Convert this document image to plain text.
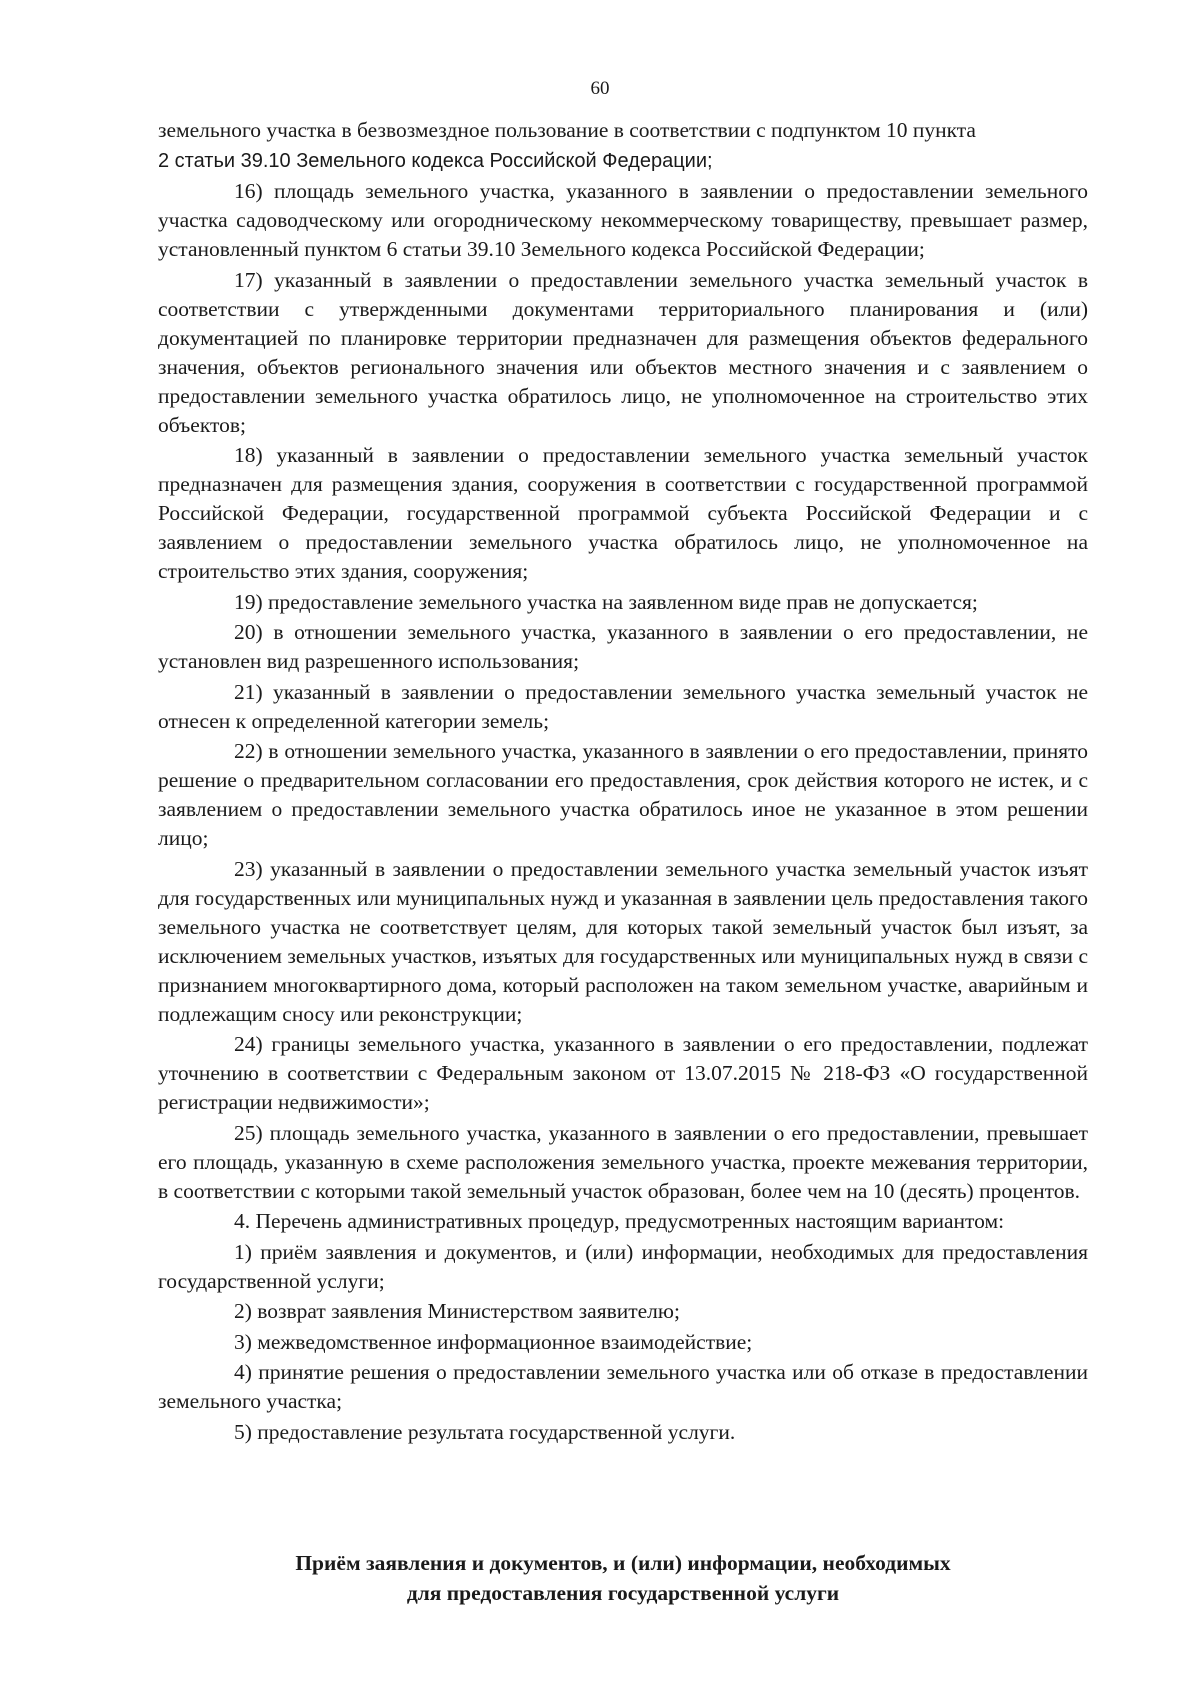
60

земельного участка в безвозмездное пользование в соответствии с подпунктом 10 пункта

2 статьи 39.10 Земельного кодекса Российской Федерации;

16) площадь земельного участка, указанного в заявлении о предоставлении земельного участка садоводческому или огородническому некоммерческому товариществу, превышает размер, установленный пунктом 6 статьи 39.10 Земельного кодекса Российской Федерации;

17) указанный в заявлении о предоставлении земельного участка земельный участок в соответствии с утвержденными документами территориального планирования и (или) документацией по планировке территории предназначен для размещения объектов федерального значения, объектов регионального значения или объектов местного значения и с заявлением о предоставлении земельного участка обратилось лицо, не уполномоченное на строительство этих объектов;

18) указанный в заявлении о предоставлении земельного участка земельный участок предназначен для размещения здания, сооружения в соответствии с государственной программой Российской Федерации, государственной программой субъекта Российской Федерации и с заявлением о предоставлении земельного участка обратилось лицо, не уполномоченное на строительство этих здания, сооружения;

19) предоставление земельного участка на заявленном виде прав не допускается;

20) в отношении земельного участка, указанного в заявлении о его предоставлении, не установлен вид разрешенного использования;

21) указанный в заявлении о предоставлении земельного участка земельный участок не отнесен к определенной категории земель;

22) в отношении земельного участка, указанного в заявлении о его предоставлении, принято решение о предварительном согласовании его предоставления, срок действия которого не истек, и с заявлением о предоставлении земельного участка обратилось иное не указанное в этом решении лицо;

23) указанный в заявлении о предоставлении земельного участка земельный участок изъят для государственных или муниципальных нужд и указанная в заявлении цель предоставления такого земельного участка не соответствует целям, для которых такой земельный участок был изъят, за исключением земельных участков, изъятых для государственных или муниципальных нужд в связи с признанием многоквартирного дома, который расположен на таком земельном участке, аварийным и подлежащим сносу или реконструкции;

24) границы земельного участка, указанного в заявлении о его предоставлении, подлежат уточнению в соответствии с Федеральным законом от 13.07.2015 № 218-ФЗ «О государственной регистрации недвижимости»;

25) площадь земельного участка, указанного в заявлении о его предоставлении, превышает его площадь, указанную в схеме расположения земельного участка, проекте межевания территории, в соответствии с которыми такой земельный участок образован, более чем на 10 (десять) процентов.

4. Перечень административных процедур, предусмотренных настоящим вариантом:

1) приём заявления и документов, и (или) информации, необходимых для предоставления государственной услуги;

2) возврат заявления Министерством заявителю;

3) межведомственное информационное взаимодействие;

4) принятие решения о предоставлении земельного участка или об отказе в предоставлении земельного участка;

5) предоставление результата государственной услуги.

Приём заявления и документов, и (или) информации, необходимых
для предоставления государственной услуги
